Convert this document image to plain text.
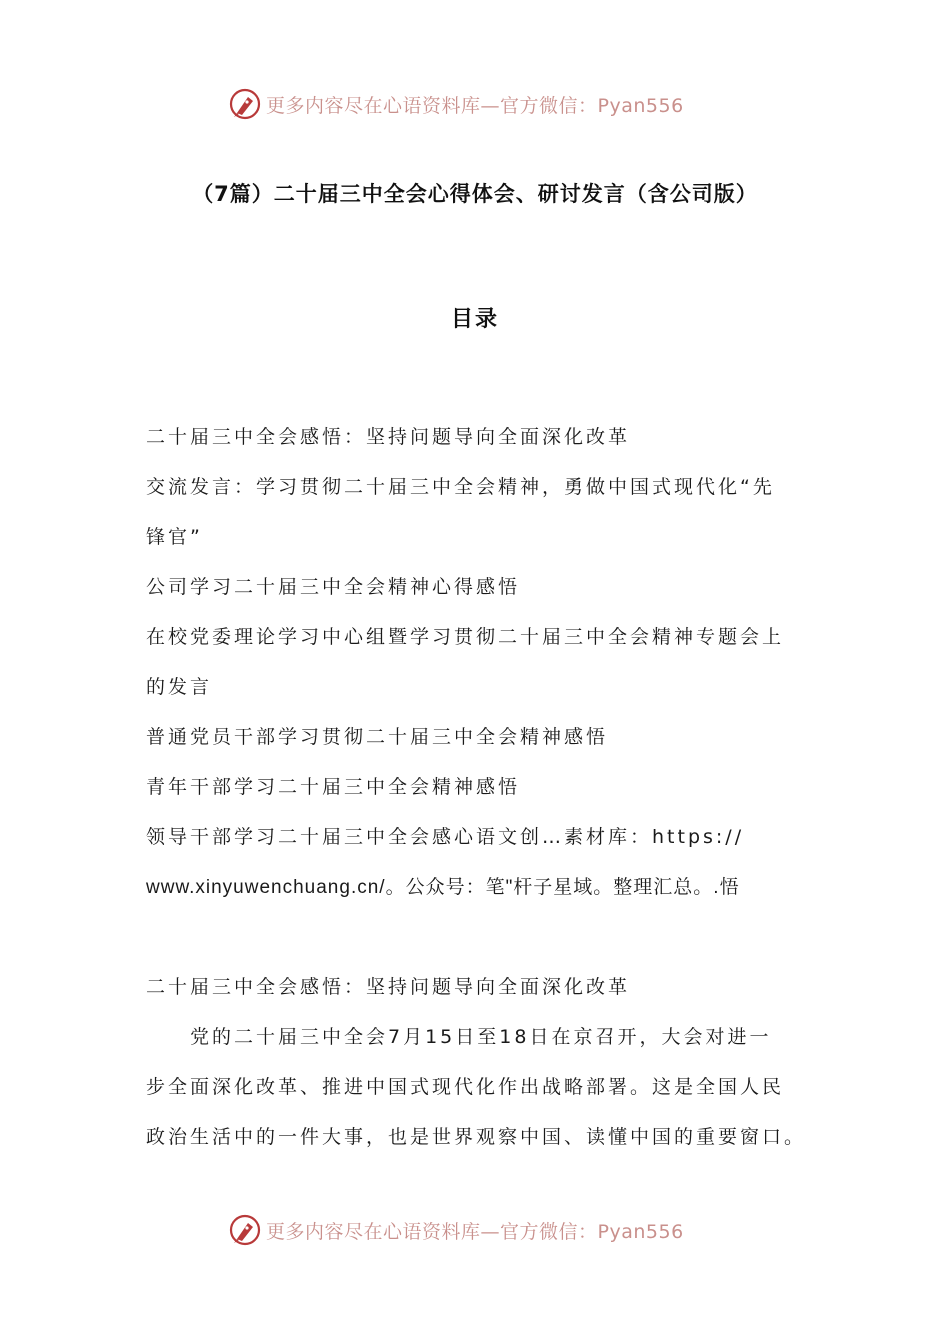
更多内容尽在心语资料库—官方微信：Pyan556
（7篇）二十届三中全会心得体会、研讨发言（含公司版）
目录
二十届三中全会感悟：坚持问题导向全面深化改革
交流发言：学习贯彻二十届三中全会精神，勇做中国式现代化“先
锋官”
公司学习二十届三中全会精神心得感悟
在校党委理论学习中心组暨学习贯彻二十届三中全会精神专题会上
的发言
普通党员干部学习贯彻二十届三中全会精神感悟
青年干部学习二十届三中全会精神感悟
领导干部学习二十届三中全会感心语文创…素材库：https://
www.xinyuwenchuang.cn/。公众号：笔"杆子星域。整理汇总。.悟
二十届三中全会感悟：坚持问题导向全面深化改革
党的二十届三中全会7月15日至18日在京召开，大会对进一
步全面深化改革、推进中国式现代化作出战略部署。这是全国人民
政治生活中的一件大事，也是世界观察中国、读懂中国的重要窗口。
更多内容尽在心语资料库—官方微信：Pyan556
